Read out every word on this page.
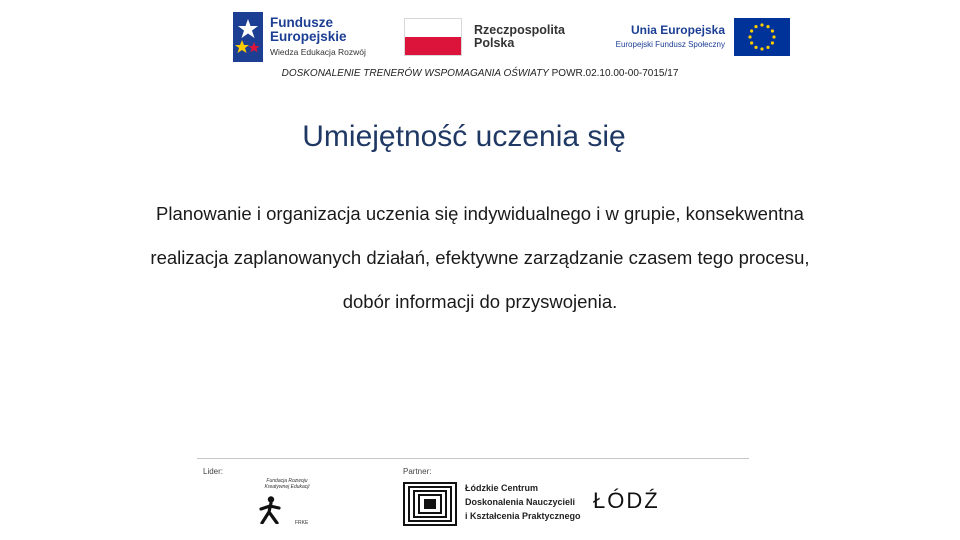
Fundusze
Europejskie
Wiedza Edukacja Rozwój
Rzeczpospolita
Polska
Unia Europejska
Europejski Fundusz Społeczny
DOSKONALENIE TRENERÓW WSPOMAGANIA OŚWIATY POWR.02.10.00-00-7015/17
Umiejętność uczenia się
Planowanie i organizacja uczenia się indywidualnego i w grupie, konsekwentna
realizacja zaplanowanych działań, efektywne zarządzanie czasem tego procesu,
dobór informacji do przyswojenia.
Lider:
Fundacja Rozwoju Kreatywnej Edukacji
FRKE
Partner:
Łódzkie Centrum
Doskonalenia Nauczycieli
i Kształcenia Praktycznego
ŁÓDŹ
